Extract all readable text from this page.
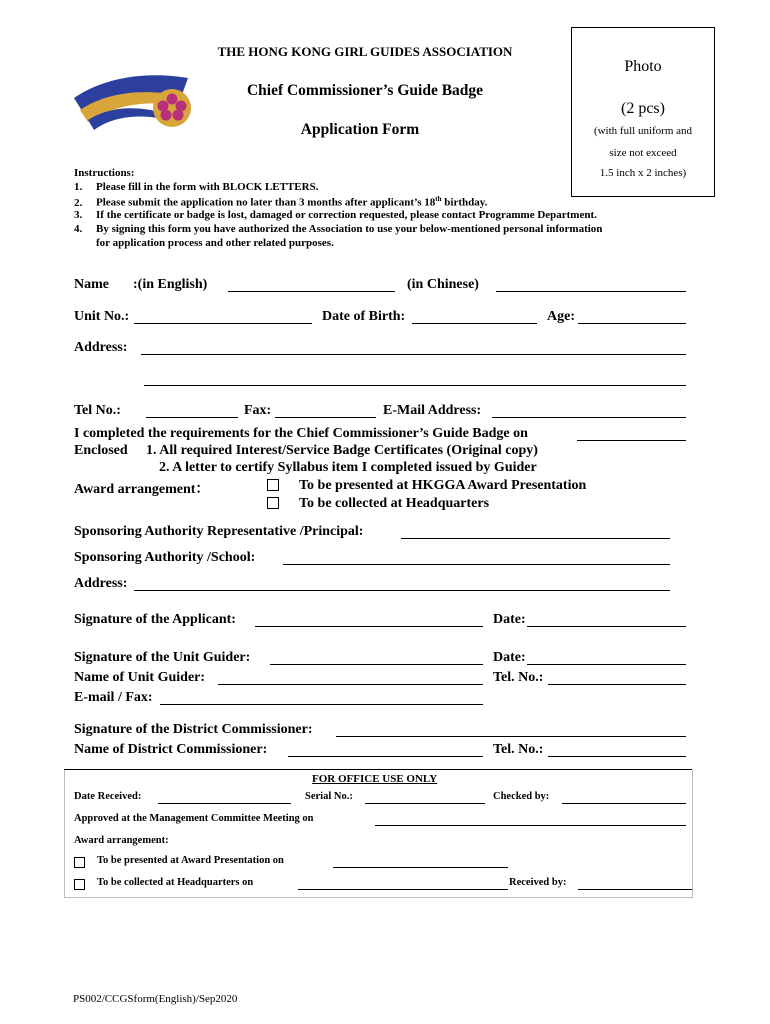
THE HONG KONG GIRL GUIDES ASSOCIATION
Chief Commissioner’s Guide Badge
Application Form
Photo
(2 pcs)
(with full uniform and
size not exceed
1.5 inch x 2 inches)
Instructions:
1. Please fill in the form with BLOCK LETTERS.
2. Please submit the application no later than 3 months after applicant’s 18th birthday.
3. If the certificate or badge is lost, damaged or correction requested, please contact Programme Department.
4. By signing this form you have authorized the Association to use your below-mentioned personal information
for application process and other related purposes.
Name :(in English)	(in Chinese)
Unit No.:	Date of Birth:	Age:
Address:
Tel No.:	Fax:	E-Mail Address:
I completed the requirements for the Chief Commissioner’s Guide Badge on
Enclosed 1. All required Interest/Service Badge Certificates (Original copy)
2. A letter to certify Syllabus item I completed issued by Guider
Award arrangement：	To be presented at HKGGA Award Presentation
To be collected at Headquarters
Sponsoring Authority Representative /Principal:
Sponsoring Authority /School:
Address:
Signature of the Applicant:	Date:
Signature of the Unit Guider:	Date:
Name of Unit Guider:	Tel. No.:
E-mail / Fax:
Signature of the District Commissioner:
Name of District Commissioner:	Tel. No.:
FOR OFFICE USE ONLY
Date Received:	Serial No.:	Checked by:
Approved at the Management Committee Meeting on
Award arrangement:
To be presented at Award Presentation on
To be collected at Headquarters on	Received by:
PS002/CCGSform(English)/Sep2020
